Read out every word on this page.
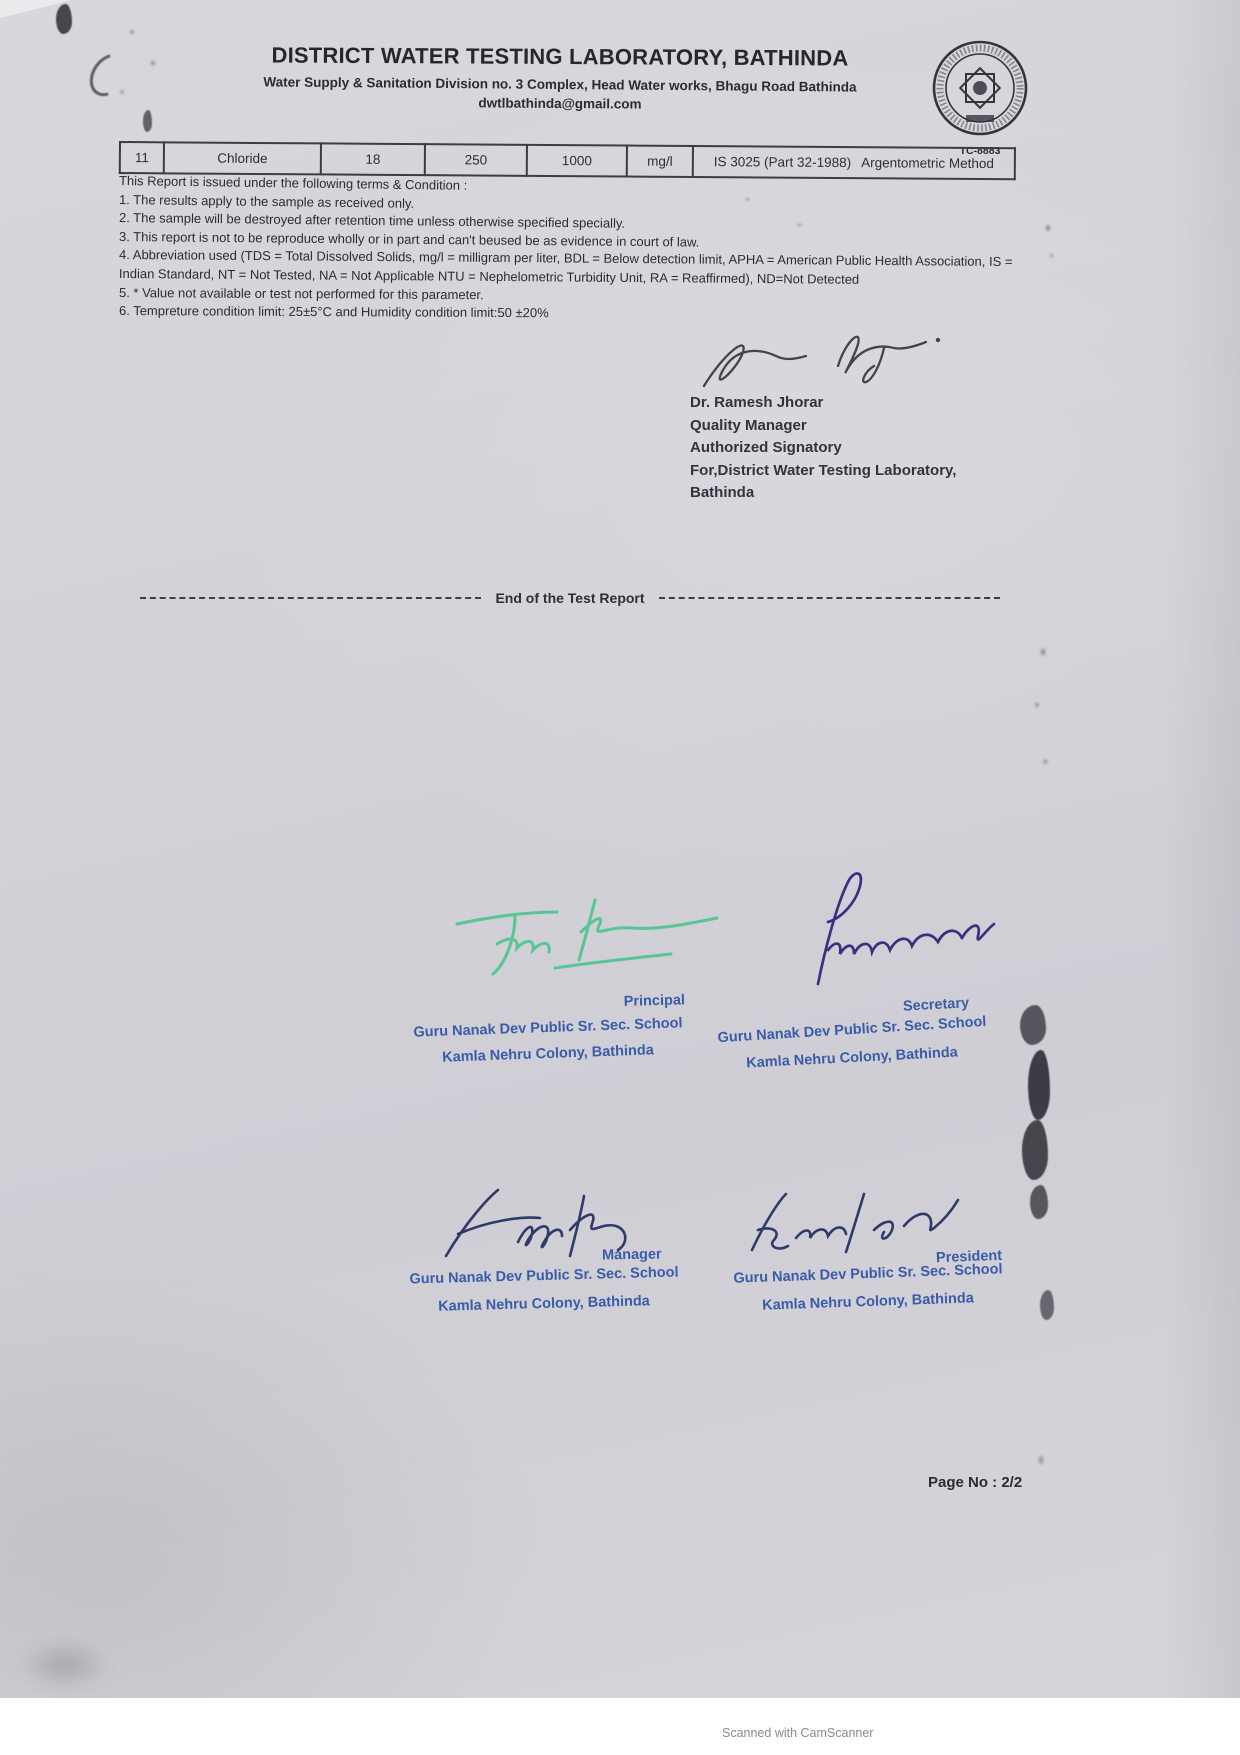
DISTRICT WATER TESTING LABORATORY, BATHINDA
Water Supply & Sanitation Division no. 3 Complex, Head Water works, Bhagu Road Bathinda
dwtlbathinda@gmail.com
TC-8883
11	Chloride	18	250	1000	mg/l	IS 3025 (Part 32-1988) Argentometric Method
This Report is issued under the following terms & Condition :
1. The results apply to the sample as received only.
2. The sample will be destroyed after retention time unless otherwise specified specially.
3. This report is not to be reproduce wholly or in part and can't beused be as evidence in court of law.
4. Abbreviation used (TDS = Total Dissolved Solids, mg/l = milligram per liter, BDL = Below detection limit, APHA = American Public Health Association, IS = Indian Standard, NT = Not Tested, NA = Not Applicable NTU = Nephelometric Turbidity Unit, RA = Reaffirmed), ND=Not Detected
5. * Value not available or test not performed for this parameter.
6. Tempreture condition limit: 25±5°C and Humidity condition limit:50 ±20%
Dr. Ramesh Jhorar
Quality Manager
Authorized Signatory
For,District Water Testing Laboratory,
Bathinda
End of the Test Report
Principal
Guru Nanak Dev Public Sr. Sec. School
Kamla Nehru Colony, Bathinda
Secretary
Guru Nanak Dev Public Sr. Sec. School
Kamla Nehru Colony, Bathinda
Manager
Guru Nanak Dev Public Sr. Sec. School
Kamla Nehru Colony, Bathinda
President
Guru Nanak Dev Public Sr. Sec. School
Kamla Nehru Colony, Bathinda
Page No : 2/2
Scanned with CamScanner
